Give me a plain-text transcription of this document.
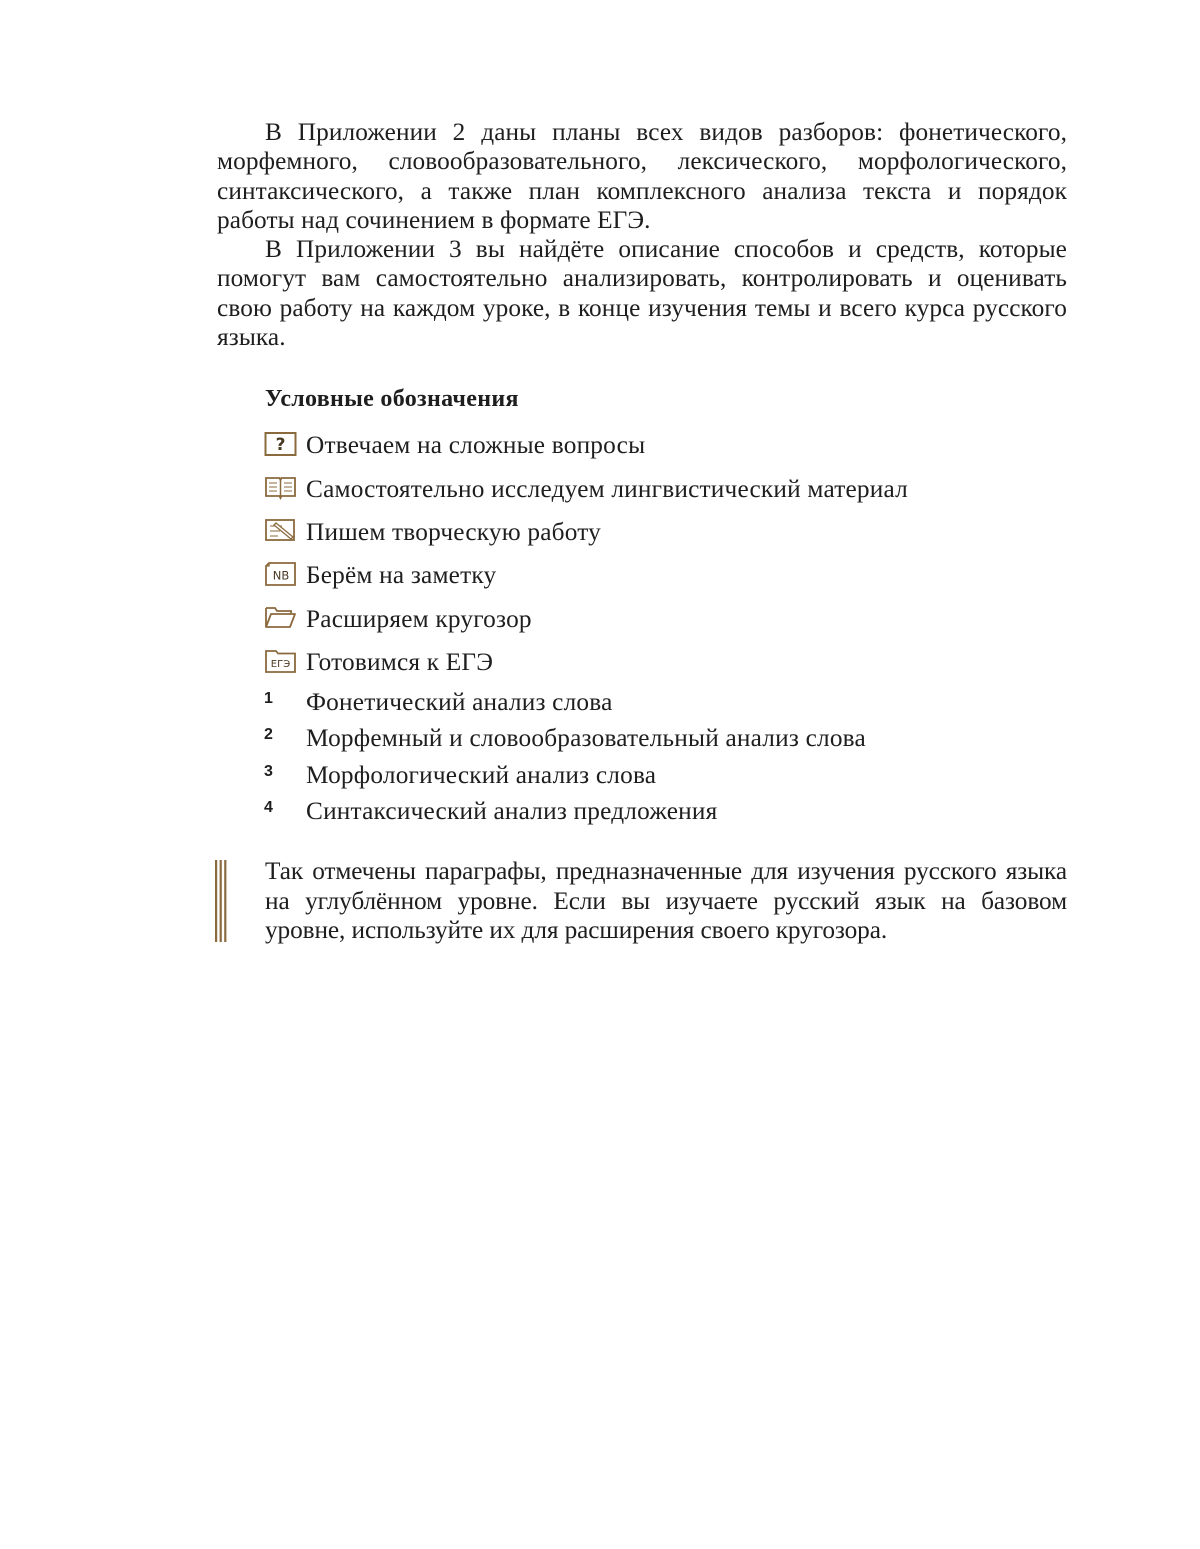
В Приложении 2 даны планы всех видов разборов: фонетического, морфемного, словообразовательного, лексического, морфологического, синтаксического, а также план комплексного анализа текста и порядок работы над сочинением в формате ЕГЭ.

В Приложении 3 вы найдёте описание способов и средств, которые помогут вам самостоятельно анализировать, контролировать и оценивать свою работу на каждом уроке, в конце изучения темы и всего курса русского языка.

Условные обозначения
? Отвечаем на сложные вопросы
Самостоятельно исследуем лингвистический материал
Пишем творческую работу
NB Берём на заметку
Расширяем кругозор
ЕГЭ Готовимся к ЕГЭ
1	Фонетический анализ слова
2	Морфемный и словообразовательный анализ слова
3	Морфологический анализ слова
4	Синтаксический анализ предложения

Так отмечены параграфы, предназначенные для изучения русского языка на углублённом уровне. Если вы изучаете русский язык на базовом уровне, используйте их для расширения своего кругозора.
